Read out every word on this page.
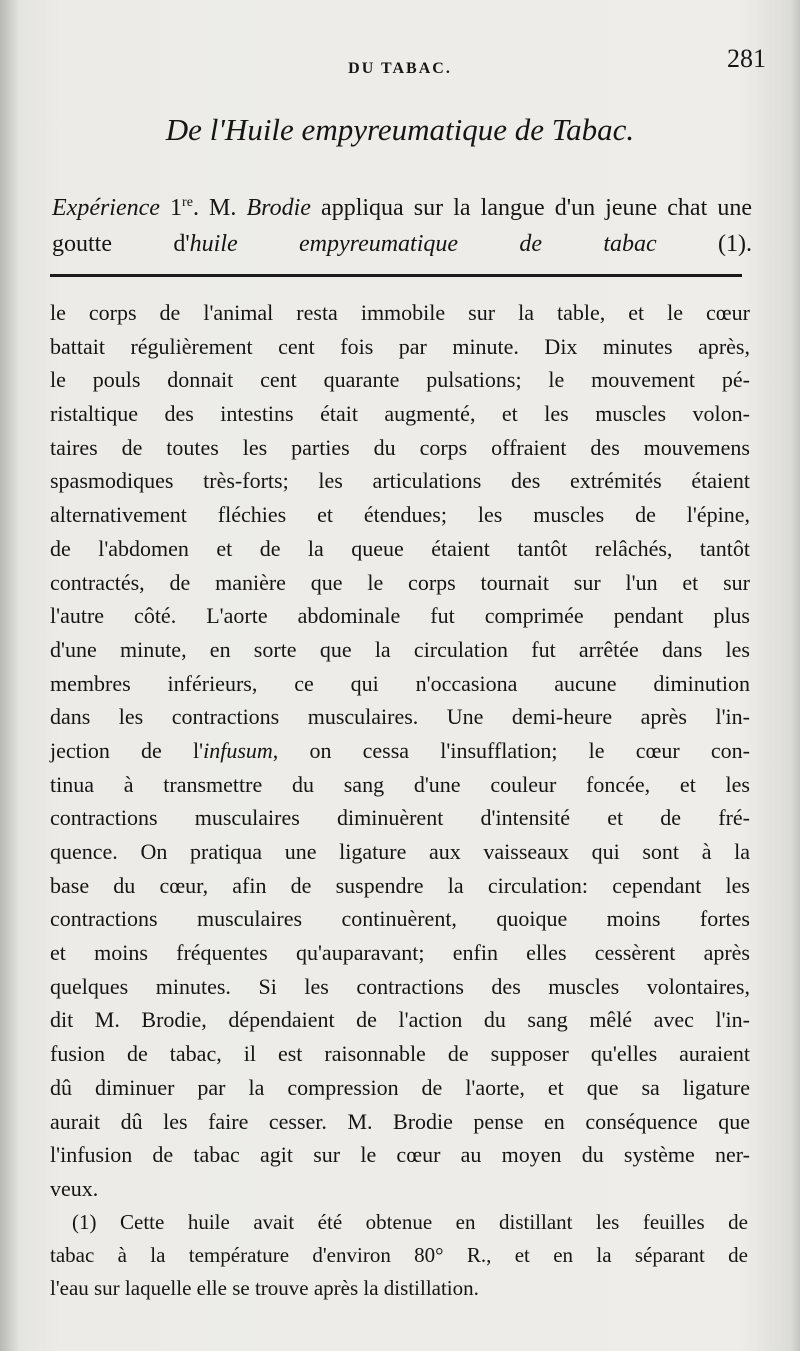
DU TABAC.	281
De l'Huile empyreumatique de Tabac.
Expérience 1re. M. Brodie appliqua sur la langue d'un jeune chat une goutte d'huile empyreumatique de tabac (1).
le corps de l'animal resta immobile sur la table, et le cœur
battait régulièrement cent fois par minute. Dix minutes après,
le pouls donnait cent quarante pulsations; le mouvement pé-
ristaltique des intestins était augmenté, et les muscles volon-
taires de toutes les parties du corps offraient des mouvemens
spasmodiques très-forts; les articulations des extrémités étaient
alternativement fléchies et étendues; les muscles de l'épine,
de l'abdomen et de la queue étaient tantôt relâchés, tantôt
contractés, de manière que le corps tournait sur l'un et sur
l'autre côté. L'aorte abdominale fut comprimée pendant plus
d'une minute, en sorte que la circulation fut arrêtée dans les
membres inférieurs, ce qui n'occasiona aucune diminution
dans les contractions musculaires. Une demi-heure après l'in-
jection de l'infusum, on cessa l'insufflation; le cœur con-
tinua à transmettre du sang d'une couleur foncée, et les
contractions musculaires diminuèrent d'intensité et de fré-
quence. On pratiqua une ligature aux vaisseaux qui sont à la
base du cœur, afin de suspendre la circulation: cependant les
contractions musculaires continuèrent, quoique moins fortes
et moins fréquentes qu'auparavant; enfin elles cessèrent après
quelques minutes. Si les contractions des muscles volontaires,
dit M. Brodie, dépendaient de l'action du sang mêlé avec l'in-
fusion de tabac, il est raisonnable de supposer qu'elles auraient
dû diminuer par la compression de l'aorte, et que sa ligature
aurait dû les faire cesser. M. Brodie pense en conséquence que
l'infusion de tabac agit sur le cœur au moyen du système ner-
veux.
(1) Cette huile avait été obtenue en distillant les feuilles de
tabac à la température d'environ 80° R., et en la séparant de
l'eau sur laquelle elle se trouve après la distillation.
